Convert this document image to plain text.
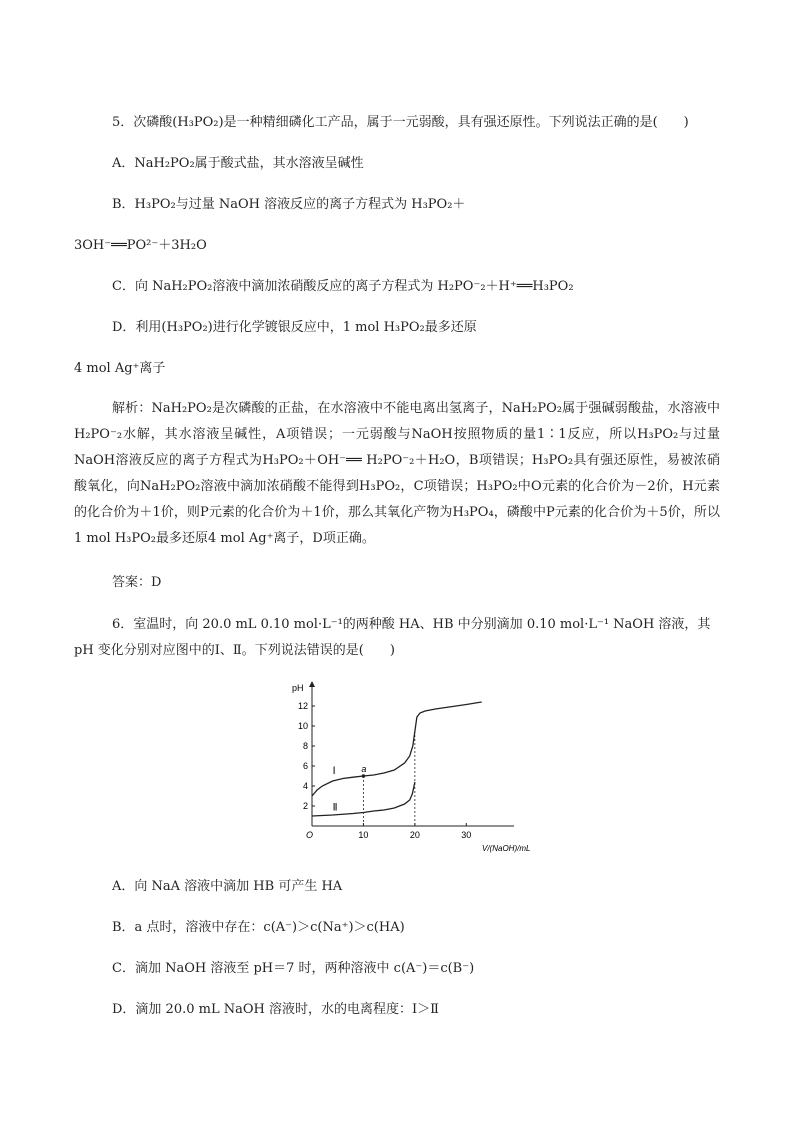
5．次磷酸(H₃PO₂)是一种精细磷化工产品，属于一元弱酸，具有强还原性。下列说法正确的是(　　)
A．NaH₂PO₂属于酸式盐，其水溶液呈碱性
B．H₃PO₂与过量 NaOH 溶液反应的离子方程式为 H₃PO₂＋
3OH⁻══PO²⁻＋3H₂O
C．向 NaH₂PO₂溶液中滴加浓硝酸反应的离子方程式为 H₂PO⁻₂＋H⁺══H₃PO₂
D．利用(H₃PO₂)进行化学镀银反应中，1 mol H₃PO₂最多还原
4 mol Ag⁺离子
解析：NaH₂PO₂是次磷酸的正盐，在水溶液中不能电离出氢离子，NaH₂PO₂属于强碱弱酸盐，水溶液中H₂PO⁻₂水解，其水溶液呈碱性，A项错误；一元弱酸与NaOH按照物质的量1∶1反应，所以H₃PO₂与过量NaOH溶液反应的离子方程式为H₃PO₂＋OH⁻══ H₂PO⁻₂＋H₂O，B项错误；H₃PO₂具有强还原性，易被浓硝酸氧化，向NaH₂PO₂溶液中滴加浓硝酸不能得到H₃PO₂，C项错误；H₃PO₂中O元素的化合价为－2价，H元素的化合价为＋1价，则P元素的化合价为＋1价，那么其氧化产物为H₃PO₄，磷酸中P元素的化合价为＋5价，所以1 mol H₃PO₂最多还原4 mol Ag⁺离子，D项正确。
答案：D
6．室温时，向 20.0 mL 0.10 mol·L⁻¹的两种酸 HA、HB 中分别滴加 0.10 mol·L⁻¹ NaOH 溶液，其
pH 变化分别对应图中的Ⅰ、Ⅱ。下列说法错误的是(　　)
pH
O
V/(NaOH)/mL
2
4
6
8
10
12
10	20	30
Ⅰ
Ⅱ
a
A．向 NaA 溶液中滴加 HB 可产生 HA
B．a 点时，溶液中存在：c(A⁻)＞c(Na⁺)＞c(HA)
C．滴加 NaOH 溶液至 pH＝7 时，两种溶液中 c(A⁻)＝c(B⁻)
D．滴加 20.0 mL NaOH 溶液时，水的电离程度：Ⅰ＞Ⅱ
